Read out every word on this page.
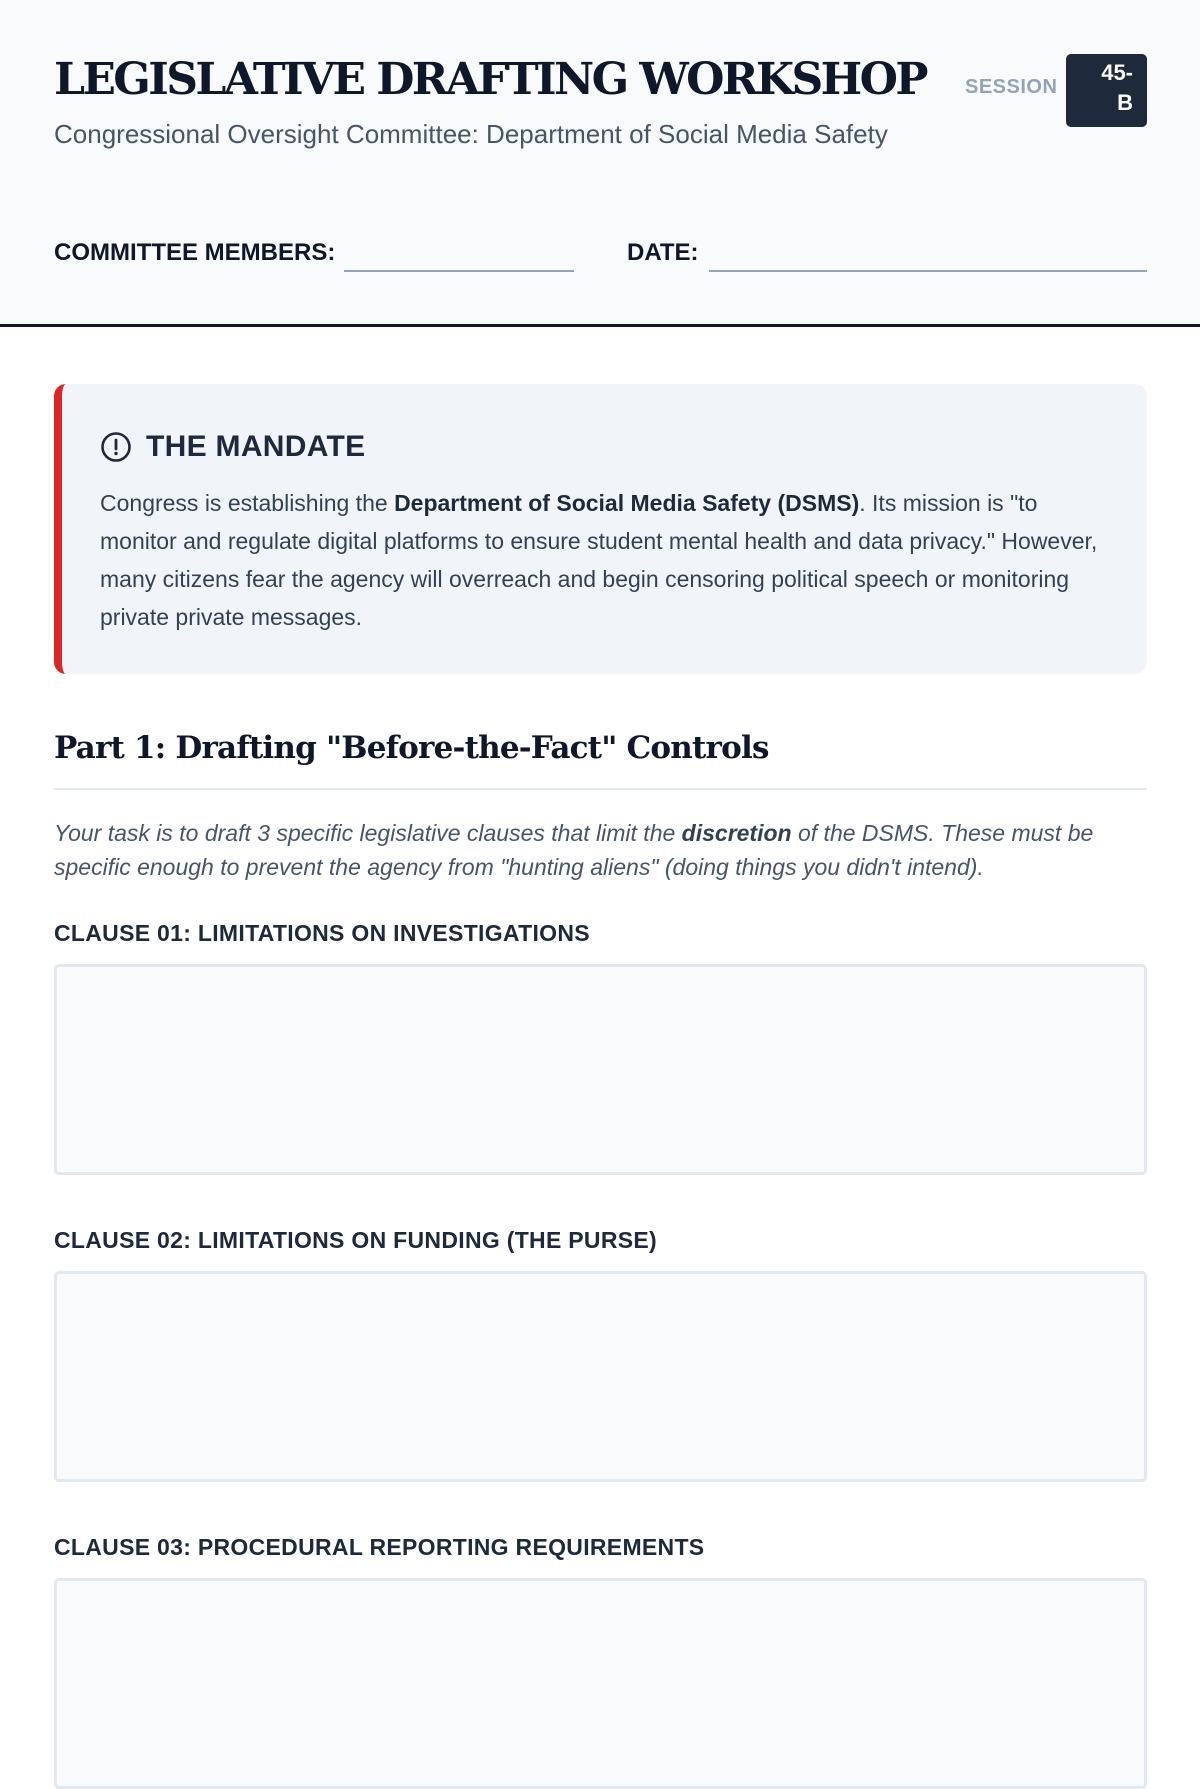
LEGISLATIVE DRAFTING WORKSHOP

Congressional Oversight Committee: Department of Social Media Safety

SESSION
45-B
COMMITTEE MEMBERS:	DATE:
THE MANDATE

Congress is establishing the Department of Social Media Safety (DSMS). Its mission is "to monitor and regulate digital platforms to ensure student mental health and data privacy." However, many citizens fear the agency will overreach and begin censoring political speech or monitoring private private messages.

Part 1: Drafting "Before-the-Fact" Controls

Your task is to draft 3 specific legislative clauses that limit the discretion of the DSMS. These must be specific enough to prevent the agency from "hunting aliens" (doing things you didn't intend).

CLAUSE 01: LIMITATIONS ON INVESTIGATIONS
CLAUSE 02: LIMITATIONS ON FUNDING (THE PURSE)
CLAUSE 03: PROCEDURAL REPORTING REQUIREMENTS
